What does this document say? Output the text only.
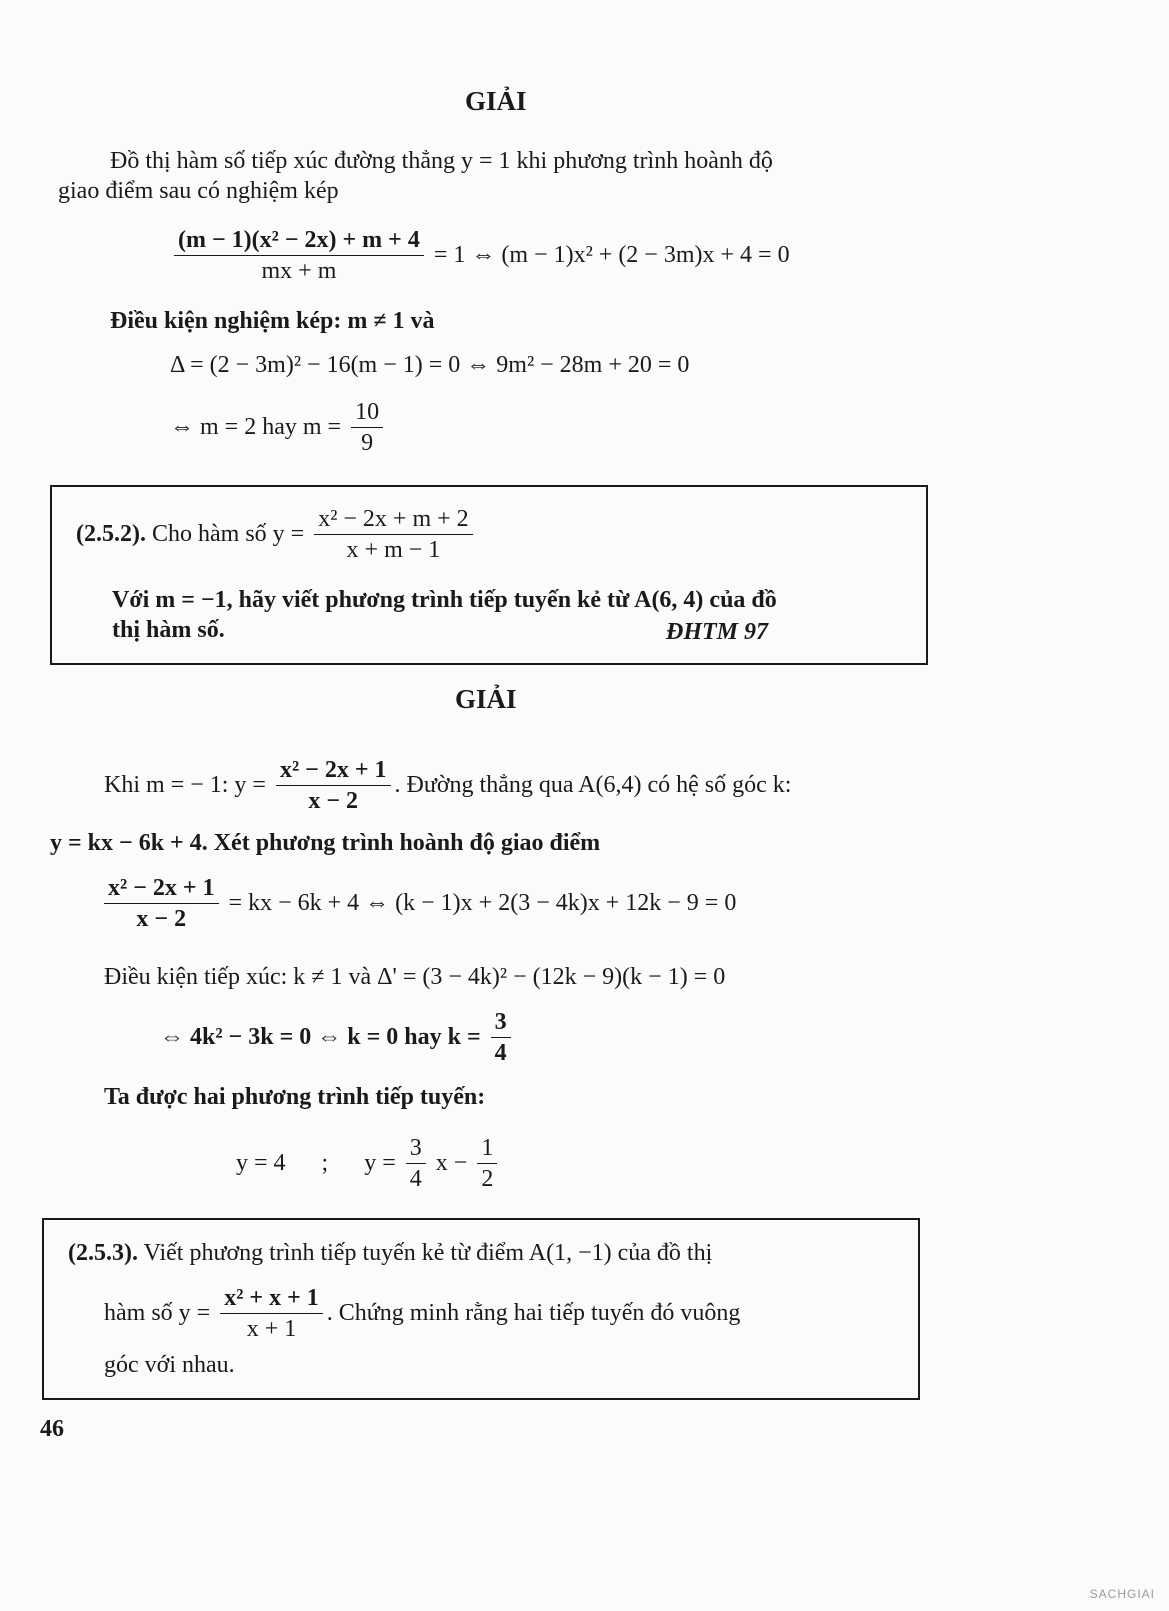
GIẢI
Đồ thị hàm số tiếp xúc đường thẳng y = 1 khi phương trình hoành độ
giao điểm sau có nghiệm kép
$\frac{\text{(m − 1)(x² − 2x) + m + 4}}{mx + m} = 1$ ⇔ (m − 1)x² + (2 − 3m)x + 4 = 0
Điều kiện nghiệm kép: m ≠ 1 và
Δ = (2 − 3m)² − 16(m − 1) = 0 ⇔ 9m² − 28m + 20 = 0
⇔ m = 2 hay $m = \frac{10}{9}$
(2.5.2). Cho hàm số $y = \frac{\text{x² − 2x + m + 2}}{x + m - 1}$
Với m = −1, hãy viết phương trình tiếp tuyến kẻ từ A(6, 4) của đồ
thị hàm số.	ĐHTM 97
GIẢI
Khi m = − 1: $y = \frac{\text{x² − 2x + 1}}{x - 2}$ . Đường thẳng qua A(6,4) có hệ số góc k:
y = kx − 6k + 4. Xét phương trình hoành độ giao điểm
$\frac{\text{x² − 2x + 1}}{x - 2}$ = kx − 6k + 4 ⇔ (k − 1)x + 2(3 − 4k)x + 12k − 9 = 0
Điều kiện tiếp xúc: k ≠ 1 và Δ' = (3 − 4k)² − (12k − 9)(k − 1) = 0
⇔ 4k² − 3k = 0 ⇔ k = 0 hay $k = \frac{3}{4}$
Ta được hai phương trình tiếp tuyến:
y = 4 ; $y = \frac{3}{4}$ $x - \frac{1}{2}$
(2.5.3). Viết phương trình tiếp tuyến kẻ từ điểm A(1, −1) của đồ thị
hàm số $y = \frac{\text{x² + x + 1}}{x + 1}$ . Chứng minh rằng hai tiếp tuyến đó vuông
góc với nhau.
46
SACHGIAI
